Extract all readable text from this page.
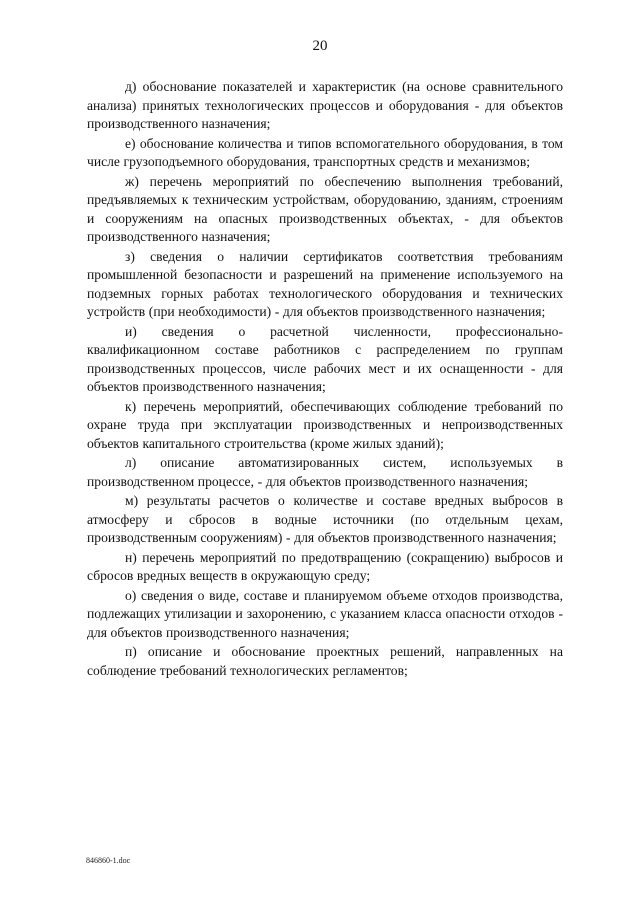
20

д) обоснование показателей и характеристик (на основе сравнительного анализа) принятых технологических процессов и оборудования - для объектов производственного назначения;

е) обоснование количества и типов вспомогательного оборудования, в том числе грузоподъемного оборудования, транспортных средств и механизмов;

ж) перечень мероприятий по обеспечению выполнения требований, предъявляемых к техническим устройствам, оборудованию, зданиям, строениям и сооружениям на опасных производственных объектах, - для объектов производственного назначения;

з) сведения о наличии сертификатов соответствия требованиям промышленной безопасности и разрешений на применение используемого на подземных горных работах технологического оборудования и технических устройств (при необходимости) - для объектов производственного назначения;

и) сведения о расчетной численности, профессионально-квалификационном составе работников с распределением по группам производственных процессов, числе рабочих мест и их оснащенности - для объектов производственного назначения;

к) перечень мероприятий, обеспечивающих соблюдение требований по охране труда при эксплуатации производственных и непроизводственных объектов капитального строительства (кроме жилых зданий);

л) описание автоматизированных систем, используемых в производственном процессе, - для объектов производственного назначения;

м) результаты расчетов о количестве и составе вредных выбросов в атмосферу и сбросов в водные источники (по отдельным цехам, производственным сооружениям) - для объектов производственного назначения;

н) перечень мероприятий по предотвращению (сокращению) выбросов и сбросов вредных веществ в окружающую среду;

о) сведения о виде, составе и планируемом объеме отходов производства, подлежащих утилизации и захоронению, с указанием класса опасности отходов - для объектов производственного назначения;

п) описание и обоснование проектных решений, направленных на соблюдение требований технологических регламентов;

846860-1.doc
